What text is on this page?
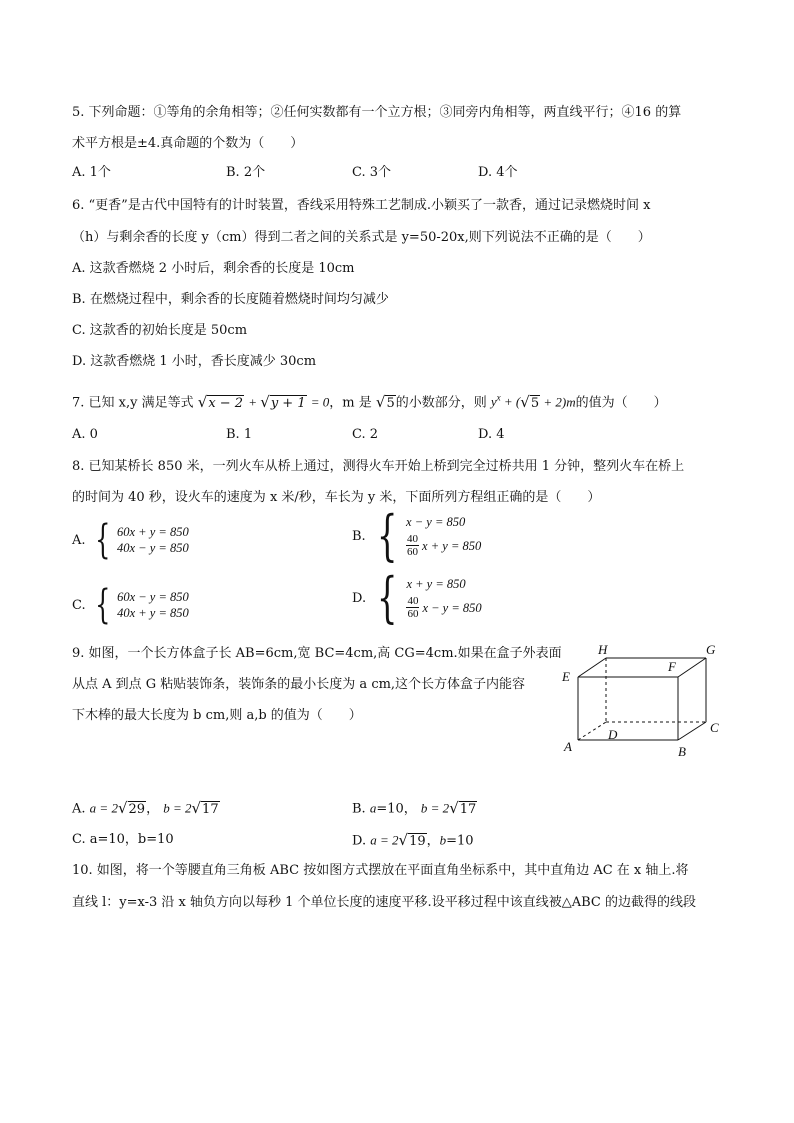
5. 下列命题：①等角的余角相等；②任何实数都有一个立方根；③同旁内角相等，两直线平行；④16 的算
术平方根是±4.真命题的个数为（　　）
A. 1个	B. 2个	C. 3个	D. 4个
6. “更香”是古代中国特有的计时装置，香线采用特殊工艺制成.小颖买了一款香，通过记录燃烧时间 x
（h）与剩余香的长度 y（cm）得到二者之间的关系式是 y=50-20x,则下列说法不正确的是（　　）
A. 这款香燃烧 2 小时后，剩余香的长度是 10cm
B. 在燃烧过程中，剩余香的长度随着燃烧时间均匀减少
C. 这款香的初始长度是 50cm
D. 这款香燃烧 1 小时，香长度减少 30cm
7. 已知 x,y 满足等式 √x − 2 + √y + 1 = 0，m 是 √5的小数部分，则 $y^x + (√5 + 2)m$的值为（　　）
A. 0	B. 1	C. 2	D. 4
8. 已知某桥长 850 米，一列火车从桥上通过，测得火车开始上桥到完全过桥共用 1 分钟，整列火车在桥上
的时间为 40 秒，设火车的速度为 x 米/秒，车长为 y 米，下面所列方程组正确的是（　　）
A. { 60x + y = 850
40x − y = 850
B. { x − y = 850
$\frac{40}{60}$ x + y = 850
C. { 60x − y = 850
40x + y = 850
D. { x + y = 850
$\frac{40}{60}$ x − y = 850
9. 如图，一个长方体盒子长 AB=6cm,宽 BC=4cm,高 CG=4cm.如果在盒子外表面
从点 A 到点 G 粘贴装饰条，装饰条的最小长度为 a cm,这个长方体盒子内能容
下木棒的最大长度为 b cm,则 a,b 的值为（　　）
H	G
E
F
C
D
A	B
A. a = 2√29， b = 2√17	B. a=10， b = 2√17
C. a=10，b=10	D. a = 2√19，b=10
10. 如图，将一个等腰直角三角板 ABC 按如图方式摆放在平面直角坐标系中，其中直角边 AC 在 x 轴上.将
直线 l：y=x-3 沿 x 轴负方向以每秒 1 个单位长度的速度平移.设平移过程中该直线被△ABC 的边截得的线段
